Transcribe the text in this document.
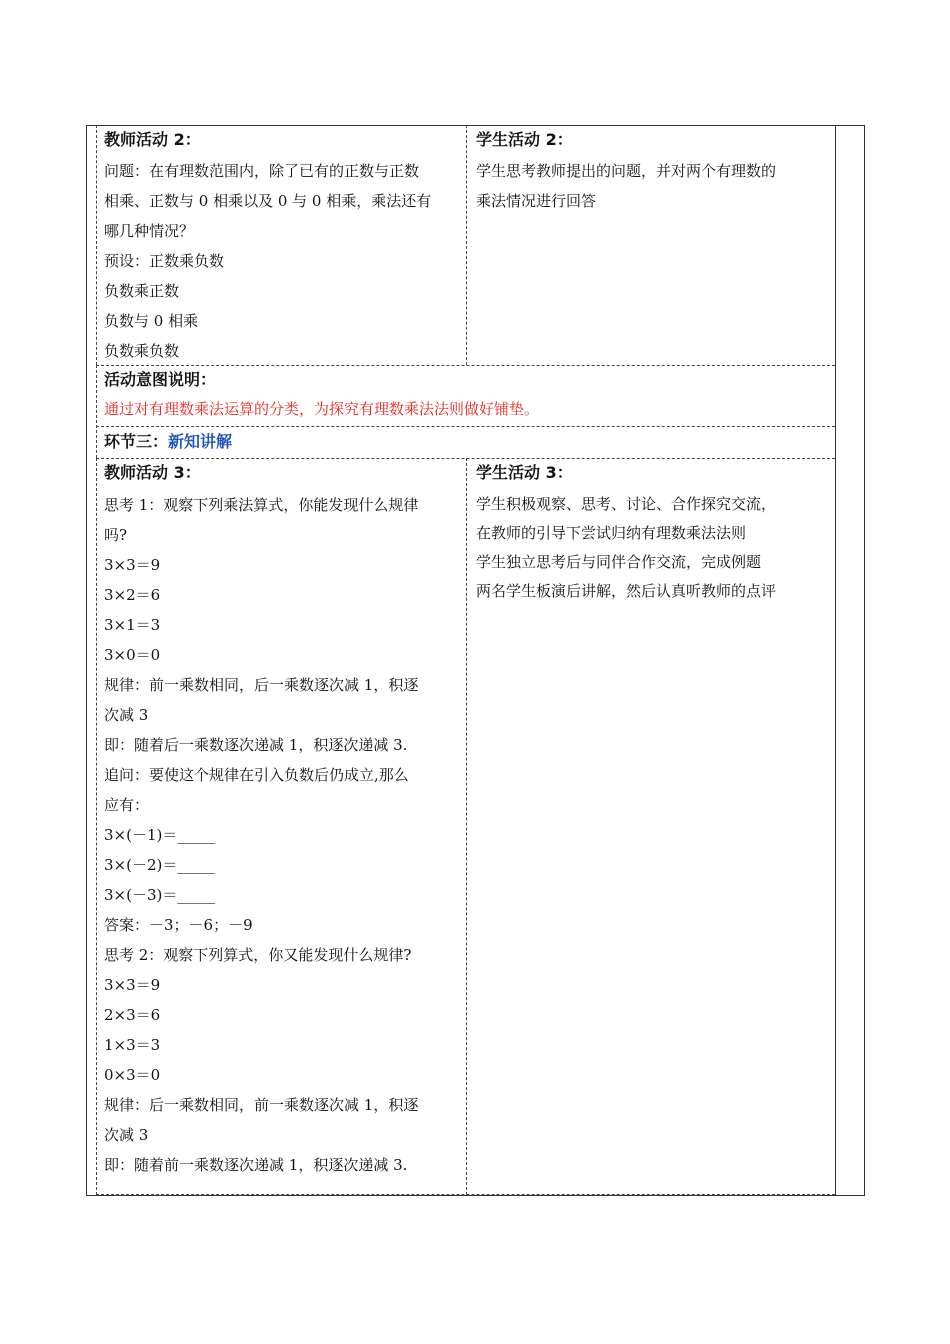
教师活动 2：
问题：在有理数范围内，除了已有的正数与正数
相乘、正数与 0 相乘以及 0 与 0 相乘，乘法还有
哪几种情况？
预设：正数乘负数
负数乘正数
负数与 0 相乘
负数乘负数
学生活动 2：
学生思考教师提出的问题，并对两个有理数的
乘法情况进行回答
活动意图说明：
通过对有理数乘法运算的分类，为探究有理数乘法法则做好铺垫。
环节三：新知讲解
教师活动 3：
思考 1：观察下列乘法算式，你能发现什么规律
吗?
3×3＝9
3×2＝6
3×1＝3
3×0＝0
规律：前一乘数相同，后一乘数逐次减 1，积逐
次减 3
即：随着后一乘数逐次递减 1，积逐次递减 3.
追问：要使这个规律在引入负数后仍成立,那么
应有：
3×(－1)＝_____
3×(－2)＝_____
3×(－3)＝_____
答案：－3；－6；－9
思考 2：观察下列算式，你又能发现什么规律?
3×3＝9
2×3＝6
1×3＝3
0×3＝0
规律：后一乘数相同，前一乘数逐次减 1，积逐
次减 3
即：随着前一乘数逐次递减 1，积逐次递减 3.
学生活动 3：
学生积极观察、思考、讨论、合作探究交流，
在教师的引导下尝试归纳有理数乘法法则
学生独立思考后与同伴合作交流，完成例题
两名学生板演后讲解，然后认真听教师的点评
